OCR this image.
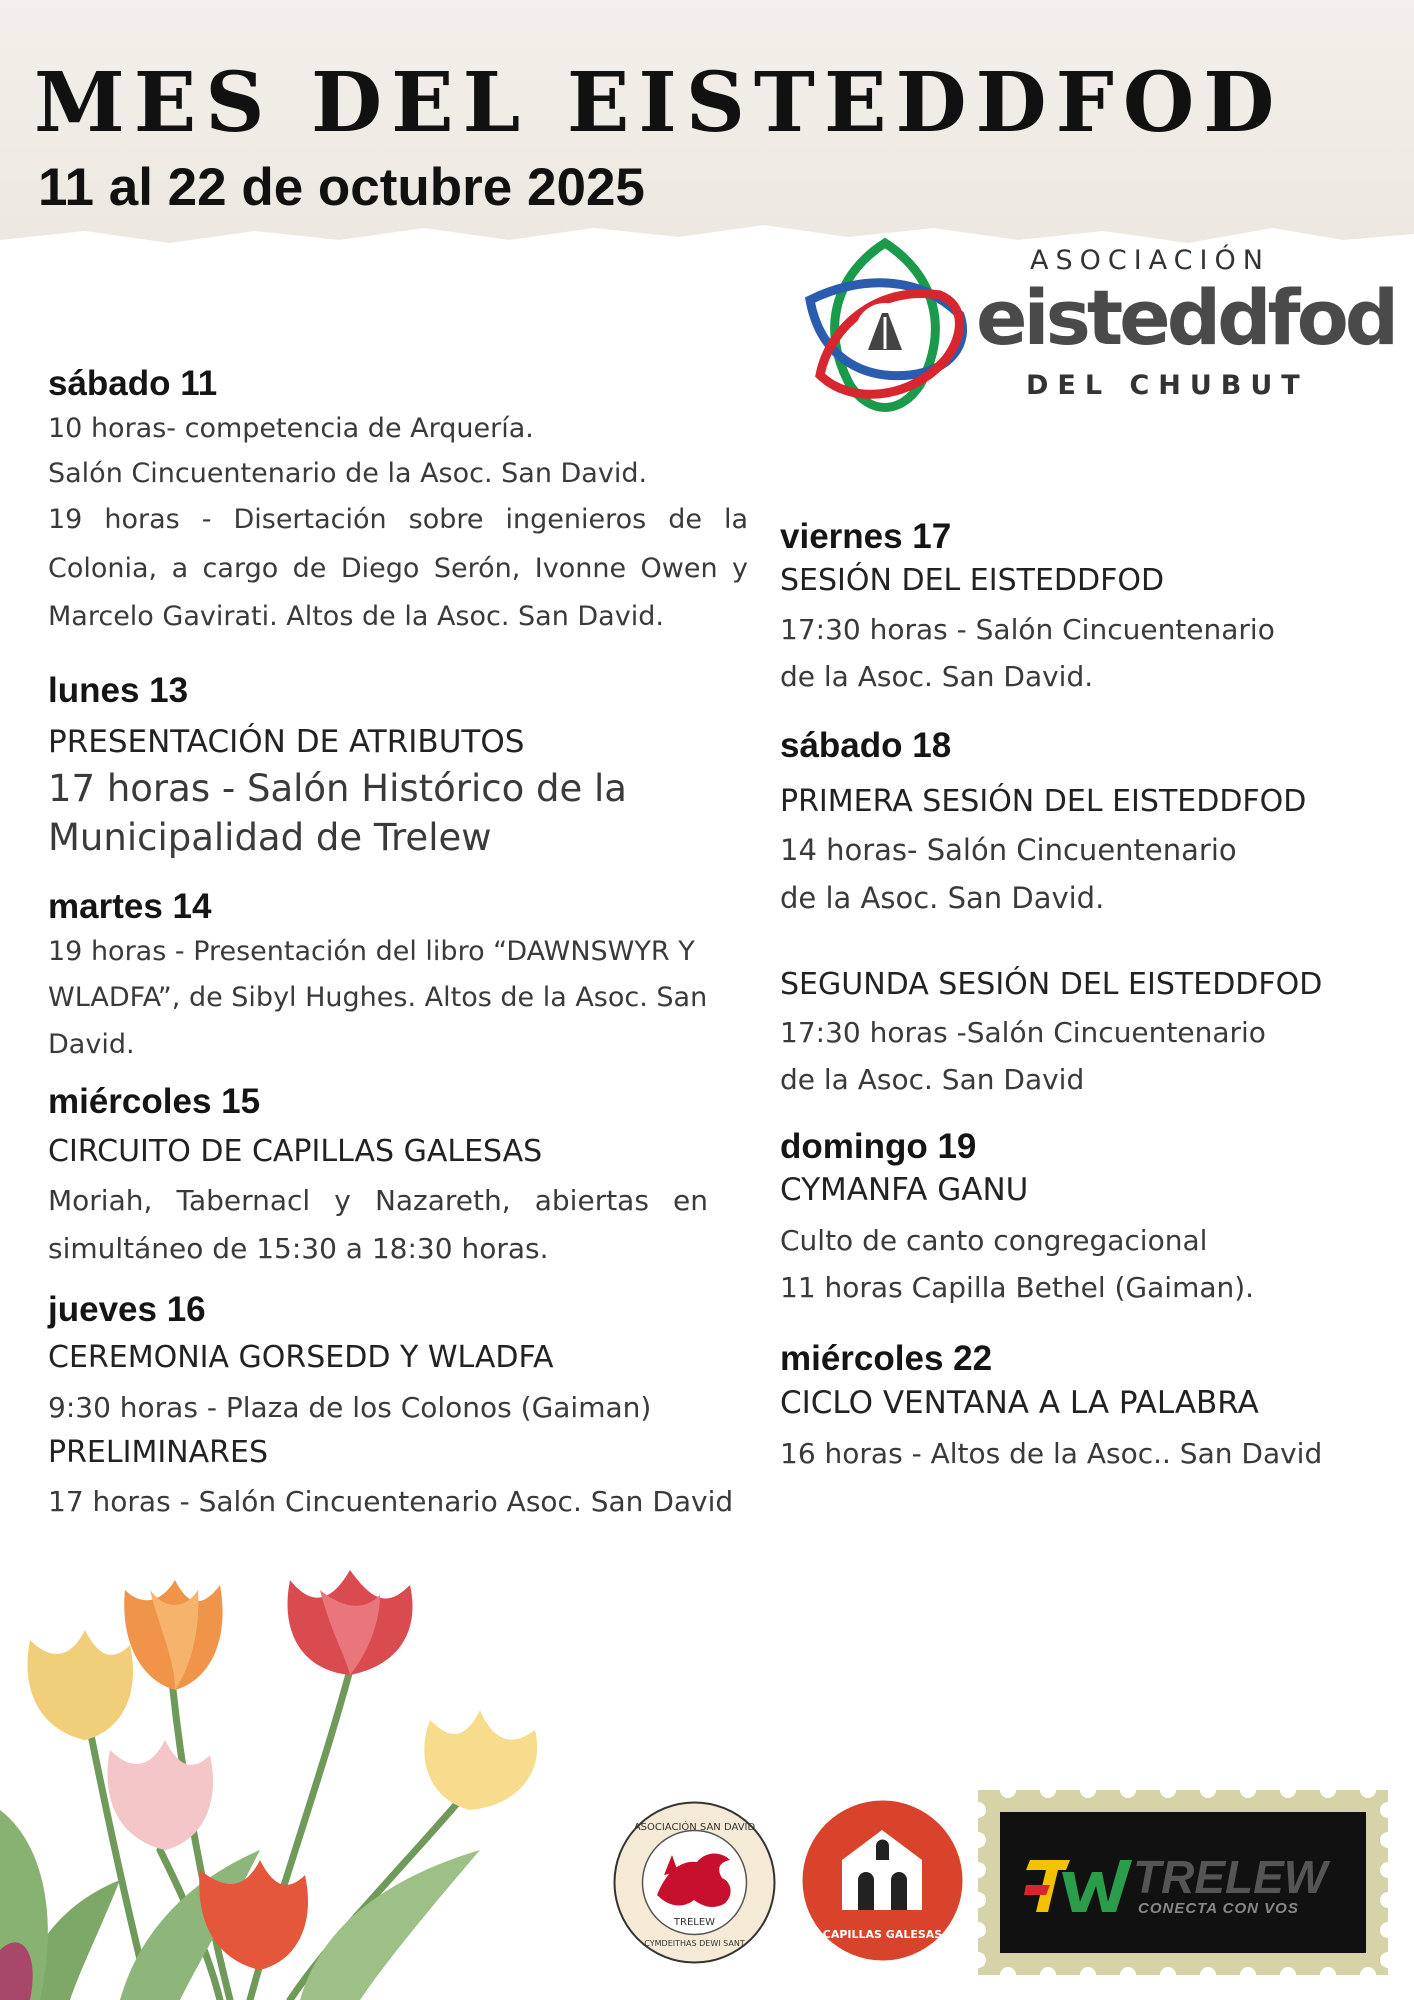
MES DEL EISTEDDFOD
11 al 22 de octubre 2025
ASOCIACIÓN
eisteddfod
DEL CHUBUT

sábado 11

10 horas- competencia de Arquería.

Salón Cincuentenario de la Asoc. San David.

19 horas - Disertación sobre ingenieros de la Colonia, a cargo de Diego Serón, Ivonne Owen y Marcelo Gavirati. Altos de la Asoc. San David.

lunes 13

PRESENTACIÓN DE ATRIBUTOS

17 horas - Salón Histórico de la Municipalidad de Trelew

martes 14

19 horas - Presentación del libro “DAWNSWYR Y WLADFA”, de Sibyl Hughes. Altos de la Asoc. San David.

miércoles 15

CIRCUITO DE CAPILLAS GALESAS

Moriah, Tabernacl y Nazareth, abiertas en simultáneo de 15:30 a 18:30 horas.

jueves 16

CEREMONIA GORSEDD Y WLADFA

9:30 horas - Plaza de los Colonos (Gaiman)

PRELIMINARES

17 horas - Salón Cincuentenario Asoc. San David

viernes 17

SESIÓN DEL EISTEDDFOD

17:30 horas - Salón Cincuentenario

de la Asoc. San David.

sábado 18

PRIMERA SESIÓN DEL EISTEDDFOD

14 horas- Salón Cincuentenario

de la Asoc. San David.

SEGUNDA SESIÓN DEL EISTEDDFOD

17:30 horas -Salón Cincuentenario

de la Asoc. San David

domingo 19

CYMANFA GANU

Culto de canto congregacional

11 horas Capilla Bethel (Gaiman).

miércoles 22

CICLO VENTANA A LA PALABRA

16 horas - Altos de la Asoc.. San David

ASOCIACIÓN SAN DAVID
TRELEW
CYMDEITHAS DEWI SANT
CAPILLAS GALESAS
TRELEW
CONECTA CON VOS
